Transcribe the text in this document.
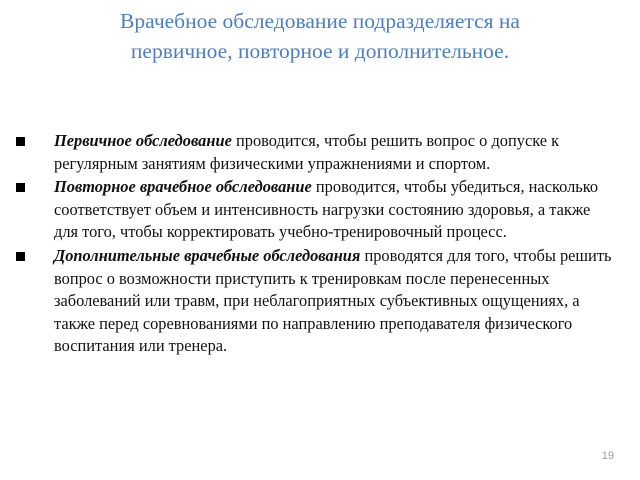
Врачебное обследование подразделяется на
первичное, повторное и дополнительное.
Первичное обследование проводится, чтобы решить вопрос о допуске к регулярным занятиям физическими упражнениями и спортом.
Повторное врачебное обследование проводится, чтобы убедиться, насколько соответствует объем и интенсивность нагрузки состоянию здоровья, а также для того, чтобы корректировать учебно-тренировочный процесс.
Дополнительные врачебные обследования проводятся для того, чтобы решить вопрос о возможности приступить к тренировкам после перенесенных заболеваний или травм, при неблагоприятных субъективных ощущениях, а также перед соревнованиями по направлению преподавателя физического воспитания или тренера.
19
